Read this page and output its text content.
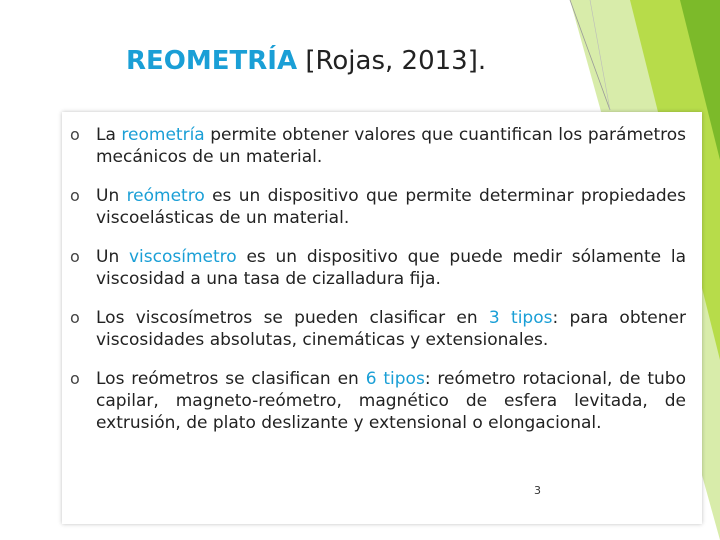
REOMETRÍA [Rojas, 2013].
o La reometría permite obtener valores que cuantifican los parámetros mecánicos de un material.
o Un reómetro es un dispositivo que permite determinar propiedades viscoelásticas de un material.
o Un viscosímetro es un dispositivo que puede medir sólamente la viscosidad a una tasa de cizalladura fija.
o Los viscosímetros se pueden clasificar en 3 tipos: para obtener viscosidades absolutas, cinemáticas y extensionales.
o Los reómetros se clasifican en 6 tipos: reómetro rotacional, de tubo capilar, magneto-reómetro, magnético de esfera levitada, de extrusión, de plato deslizante y extensional o elongacional.
3
